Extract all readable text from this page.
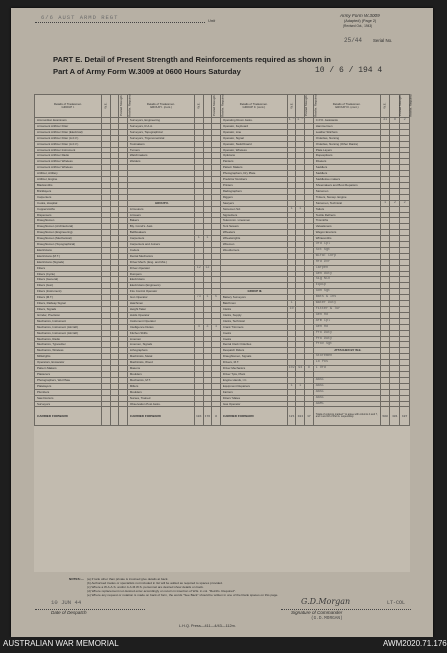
6/6 AUST ARMD REGT	Unit
Army Form W.3009
(Adapted) (Page 2)
(Revised Oct., 1943)
25/44 Serial No.
PART E. Detail of Present Strength and Reinforcements required as shown in
Part A of Army Form W.3009 at 0600 Hours Saturday	10 / 6 / 194 4
Details of Tradesmen.
GROUP I.	W.E.	Posted Strength	Reinfts. Required	Details of Tradesmen.
GROUP I. (cont.)	W.E.	Posted Strength	Reinfts. Required	Details of Tradesmen.
GROUP II. (cont.)	W.E.	Posted Strength	Reinfts. Required	Details of Tradesmen.
GROUP III. (cont.)	W.E.	Posted Strength	Reinfts. Required
Ammunition Examiners				Surveyors, Engineering				Operating Room Assts.	1 ~	1 ~		C.P.O. Assistants	31	8	2
Armament Artificer Fitter				Surveyors, R.A.A.				Operator, Keyboard				Hammermen			
Armament Artificer Fitter (Electrical)				Surveyors, Topographical				Operator, Line				Leather Stitchers			
Armament Artificer Fitter (A.F.V.)				Surveyors, Trigonometrical				Operator, Signal				Orderlies, Nursing			
Armament Artificer Fitter (A.F.V.)				Toolmakers				Operator, Switchboard				Orderlies, Nursing (Other Ranks)			
Armament Artificer Instrument				Turners				Operator, Wireless				Plate Layers			
Armament Artificer Radio				Watchmakers				Opticians				Ropesplicers			
Armament Artificer Wireless				Welders				Painters				Riveters			
Armament Artificer Wireless								Pattern Makers				Saddlers			
Artificer, Artillery								Photographers, Dry Plate				Saddlers			
Artificer, Engine								Predictor Numbers				Saddletree makers			
Blacksmiths								Printers				Shoemakers and Boot Repairers			
Bricklayers								Radiographers				Storemen			
Carpenters								Riggers				Tinkers, Stoneр. Engine			
Cooks, Hospital				GROUP II.				Sawyers				Storemen, Technical	1	2	2
Coppersmiths				Armourers				Storemen Sct	1	1		Tailors			
Dispensers				Arrosers				Signwriters				Textile Refiners			
Draughtsmen				Bakers				Telecomm. Linesmen				Tinsmiths			
Draughtsmen (Architectural)				Bty. Comd's. Asst.				Tent Sewers				Valuationers			
Draughtsmen (Engineering)				Bellbreakers				Wheelers				Wagon Erectors			
Draughtsmen (Mechanical)				Carpenters	1	1		Wheelwrights				Whitesmiths			
Draughtsmen (Topographical)				Carpenters and Joiners				Wiremen				Ord Cpl			
Electricians				Coders				Woodturners				Sct Sgt			
Electricians (M.T.)				Dental Mechanics								WCFaT Corp			
Electricians (Signals)				Driver Mech. (Eng. and Mot.)								Hrd Dvr			
Fitters				Driver-Operator	12	12						Carpen			
Fitters (Cycle)				Dumpers								Gen duty			
Fitters (General)				Electricians								Sig NCO			
Fitters (Gun)				Electricians (Engineers)								Equip			
Fitters (Instrument)				Fire Control Operator				GROUP III.				Gdn Sgt			
Fitters (M.T.)				Gun Operator	73	1	5	Battery Surveyors				Bats & Ins			
Fitters, Railway Signal				Hatchmen				Batchmen	1			Water Duty			
Fitters, Signals				Height Taker				Clerks	10			Fitter & Tur			
Grinder, Precision				Holds Operator				Clerks, Supply				Gen Hd			
Mechanics, Instrument				Instrument Operator				Clerks, Technical				Arm Cpl			
Mechanics, Instrument (Aircraft)				Intelligence Duties	4	3	1	Crank Trimmers				Gen Hd			
Mechanics, Instrument (Aircraft)				Kitchen Shifts				Cooks				Pro Duty			
Mechanics, Radio				Linemen				Cooks				Pro Duty			
Mechanics, Typewriter				Linemen, Signals				Dental Clerk Orderlies				Prov Sgt			
Mechanics, Wireless				Lithographers				Despatch Riders				ATTACHED BY W.E.			
Millwrights				Machinists, Metal				Draughtsmen, Signals				Storemen			
Operators, Excavator				Machinists, Wood				Drivers, M.T.				Lo Pos			
Pattern Makers				Masons				Driver Mechanics	102	94	8	I Ord			
Plasterers				Moulders				Driver Tpts, Plant							
Photographers, Wet Plate				Mechanics, M.T.				Engine Hands, I.C.				AASC			
Platelayers				Millers				Equipment Repairers	1	1		AASC			
Plumbers				Moulders				Farriers				AASC			
Saw Doctors				Nurses, Trained				Fitters' Mates				AASC			
Surveyors				Observation Post Assts.				Gas Operator				AAMC			
CARRIED FORWARD				CARRIED FORWARD	184	176	8	CARRIED FORWARD	121	104	17	Totals of columns marked * to agree with columns 4 and 7, and 1 and 18 of Part A. respectively.	588	481	107
NOTES:— (a) If tank other than private is involved give details at back.
(b) Authorised trades or specialists not included in list will be added as required to spaces provided.
(c) Where a W.A.A.S. and/or A.A.M.W.S. personnel are desired show details on back.
(d) Where replacement not desired enter accordingly on return in insertion of W.E. in col. "Reinfts. Required".
(e) Where any request or notation is made on back of form, the words "See Back" should be written in one of the blank spaces on this page.
10 JUN 44
Date of Despatch
G.D.Morgan	LT-COL
Signature of Commander
(G.D.MORGAN)
L.H.Q. Press—411—4/43—112m.
AUSTRALIAN WAR MEMORIAL	AWM2020.71.176
